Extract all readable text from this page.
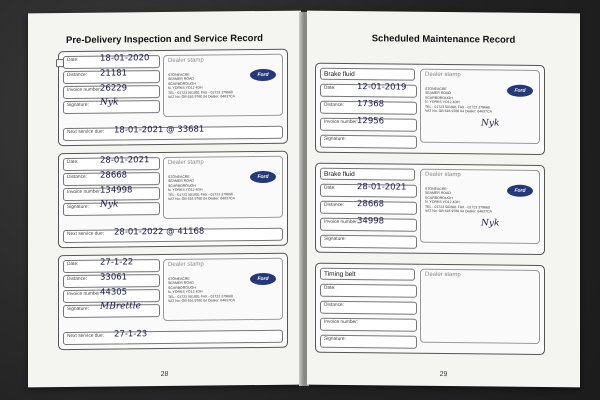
Pre-Delivery Inspection and Service Record
Date:	18-01-2020
Distance: 21181
Invoice number:
26229
Signature: Nyk
Dealer stamp
STONEACRE
SEAMER ROAD
SCARBOROUGH
N. YORKS YO12 4DH
TEL - 01723 501901 FAX - 01723 379660
VAT No: GB 616 9760 04 Dealer: 64637CA
Ford
Next service due: 18-01-2021 @ 33681
Date:	28-01-2021
Distance: 28668
Invoice number:
134998
Signature: Nyk
Dealer stamp
STONEACRE
SEAMER ROAD
SCARBOROUGH
N. YORKS YO12 4DH
TEL - 01723 501901 FAX - 01723 379660
VAT No: GB 616 9760 04 Dealer: 64637CA
Ford
Next service due: 28-01-2022 @ 41168
Date:	27-1-22
Distance: 33061
Invoice number:
44305
Signature: MBrettle
Dealer stamp
STONEACRE
SEAMER ROAD
SCARBOROUGH
N. YORKS YO12 4DH
TEL - 01723 501901 FAX - 01723 379660
VAT No: GB 616 9760 04 Dealer: 64637CA
Ford
Next service due: 27-1-23
28
Scheduled Maintenance Record
Brake fluid
Date:	12-01-2019
Distance: 17368
Invoice number:
12956
Signature:
Dealer stamp
STONEACRE
SEAMER ROAD
SCARBOROUGH
N. YORKS YO12 4DH
TEL - 01723 501901 FAX - 01723 379660
VAT No: GB 616 9760 04 Dealer: 64637CA
Ford
Nyk
Brake fluid
Date:	28-01-2021
Distance: 28668
Invoice number:
34998
Signature:
Dealer stamp
STONEACRE
SEAMER ROAD
SCARBOROUGH
N. YORKS YO12 4DH
TEL - 01723 501901 FAX - 01723 379660
VAT No: GB 616 9760 04 Dealer: 64637CA
Ford
Nyk
Timing belt
Date:
Distance:
Invoice number:
Signature:
Dealer stamp
29
